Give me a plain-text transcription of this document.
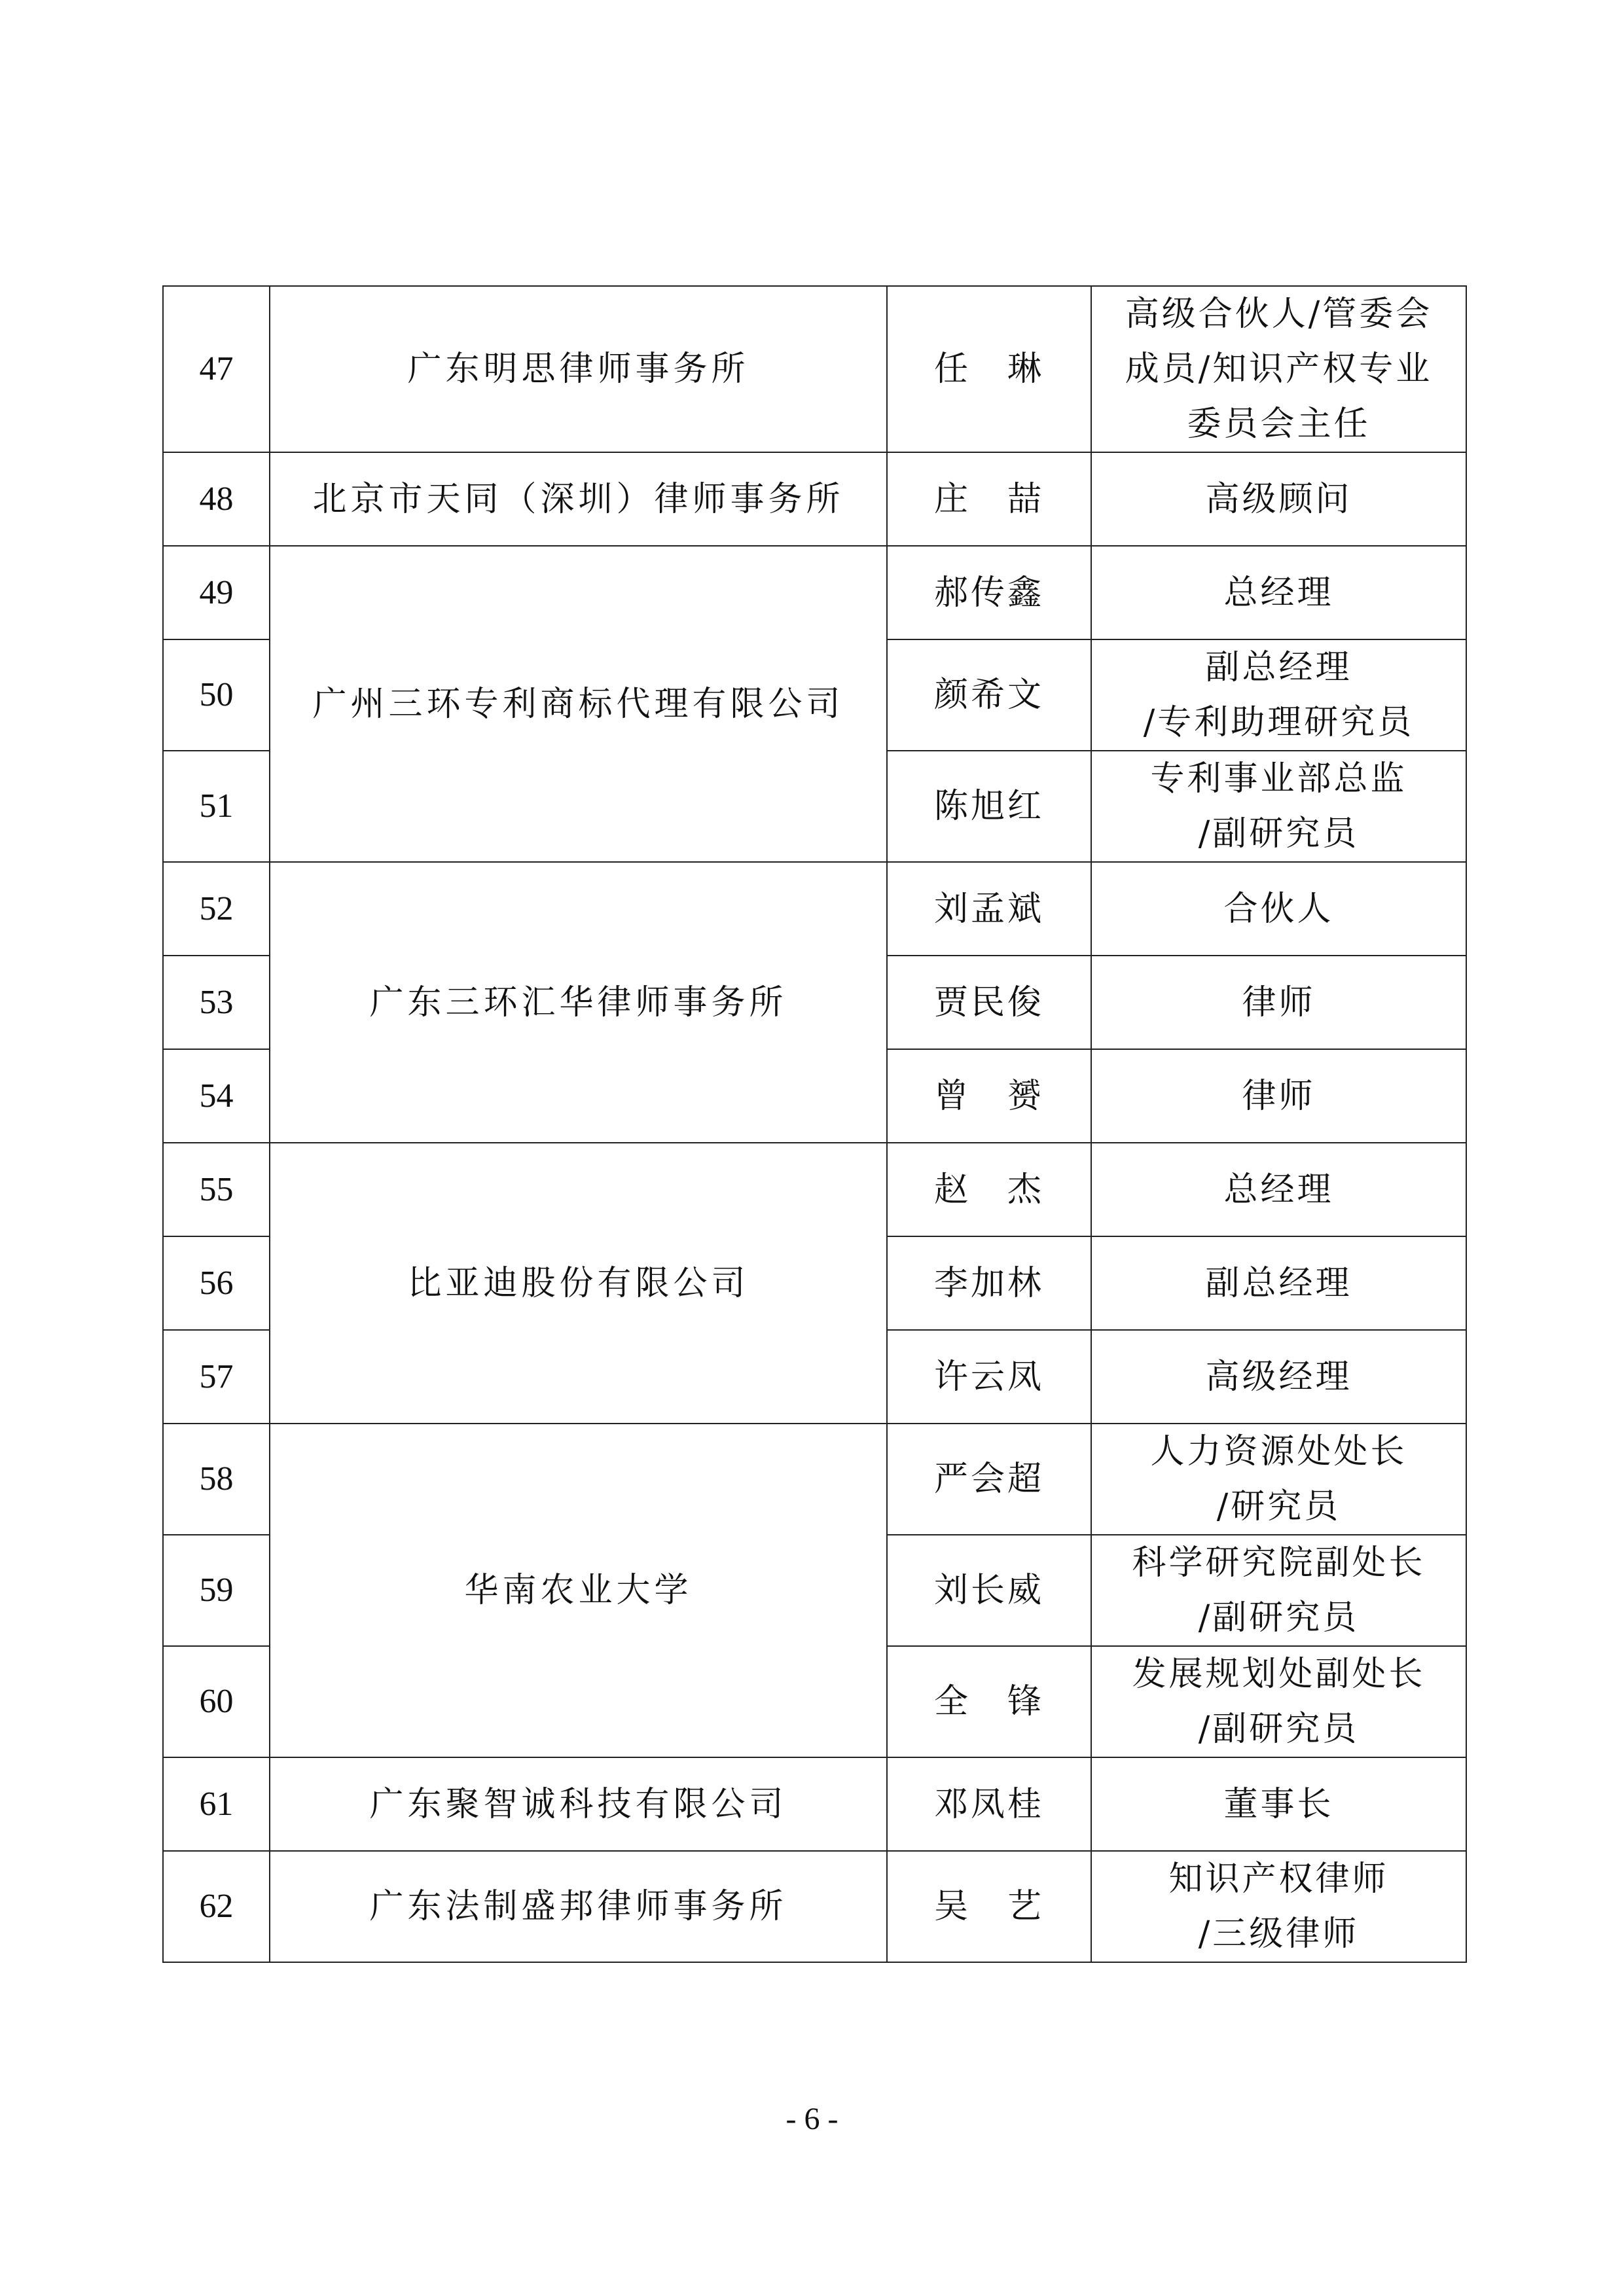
47	广东明思律师事务所	任　琳	高级合伙人/管委会
成员/知识产权专业
委员会主任
48	北京市天同（深圳）律师事务所	庄　喆	高级顾问
49	广州三环专利商标代理有限公司	郝传鑫	总经理
50		颜希文	副总经理
/专利助理研究员
51		陈旭红	专利事业部总监
/副研究员
52	广东三环汇华律师事务所	刘孟斌	合伙人
53		贾民俊	律师
54		曾　赟	律师
55	比亚迪股份有限公司	赵　杰	总经理
56		李加林	副总经理
57		许云凤	高级经理
58	华南农业大学	严会超	人力资源处处长
/研究员
59		刘长威	科学研究院副处长
/副研究员
60		全　锋	发展规划处副处长
/副研究员
61	广东聚智诚科技有限公司	邓凤桂	董事长
62	广东法制盛邦律师事务所	吴　艺	知识产权律师
/三级律师
- 6 -
